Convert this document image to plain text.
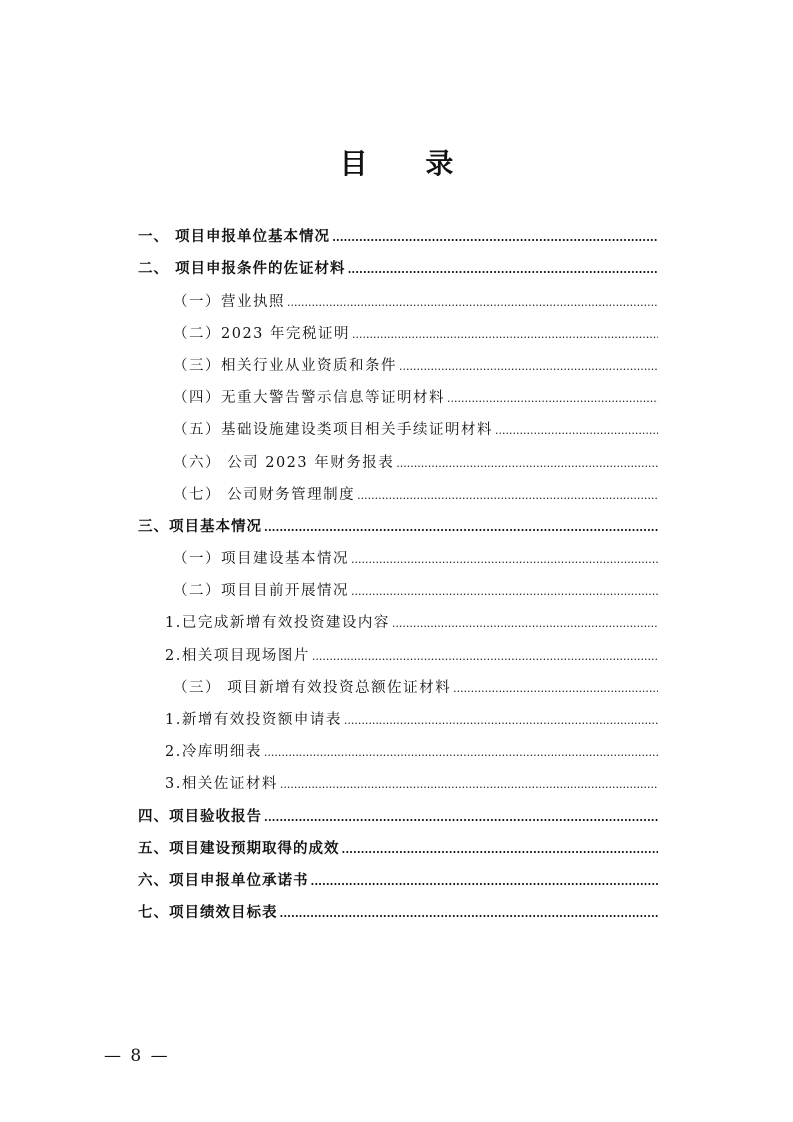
目 录
一、 项目申报单位基本情况
.....
二、 项目申报条件的佐证材料
.....
（一）营业执照
.....
（二）2023 年完税证明
.....
（三）相关行业从业资质和条件
.....
（四）无重大警告警示信息等证明材料
.....
（五）基础设施建设类项目相关手续证明材料
.....
（六） 公司 2023 年财务报表
.....
（七） 公司财务管理制度
.....
三、项目基本情况
.....
（一）项目建设基本情况
.....
（二）项目目前开展情况
.....
1.已完成新增有效投资建设内容
.....
2.相关项目现场图片
.....
（三） 项目新增有效投资总额佐证材料
.....
1.新增有效投资额申请表
.....
2.冷库明细表
.....
3.相关佐证材料
.....
四、项目验收报告
.....
五、项目建设预期取得的成效
.....
六、项目申报单位承诺书
.....
七、项目绩效目标表
.....
— 8 —
